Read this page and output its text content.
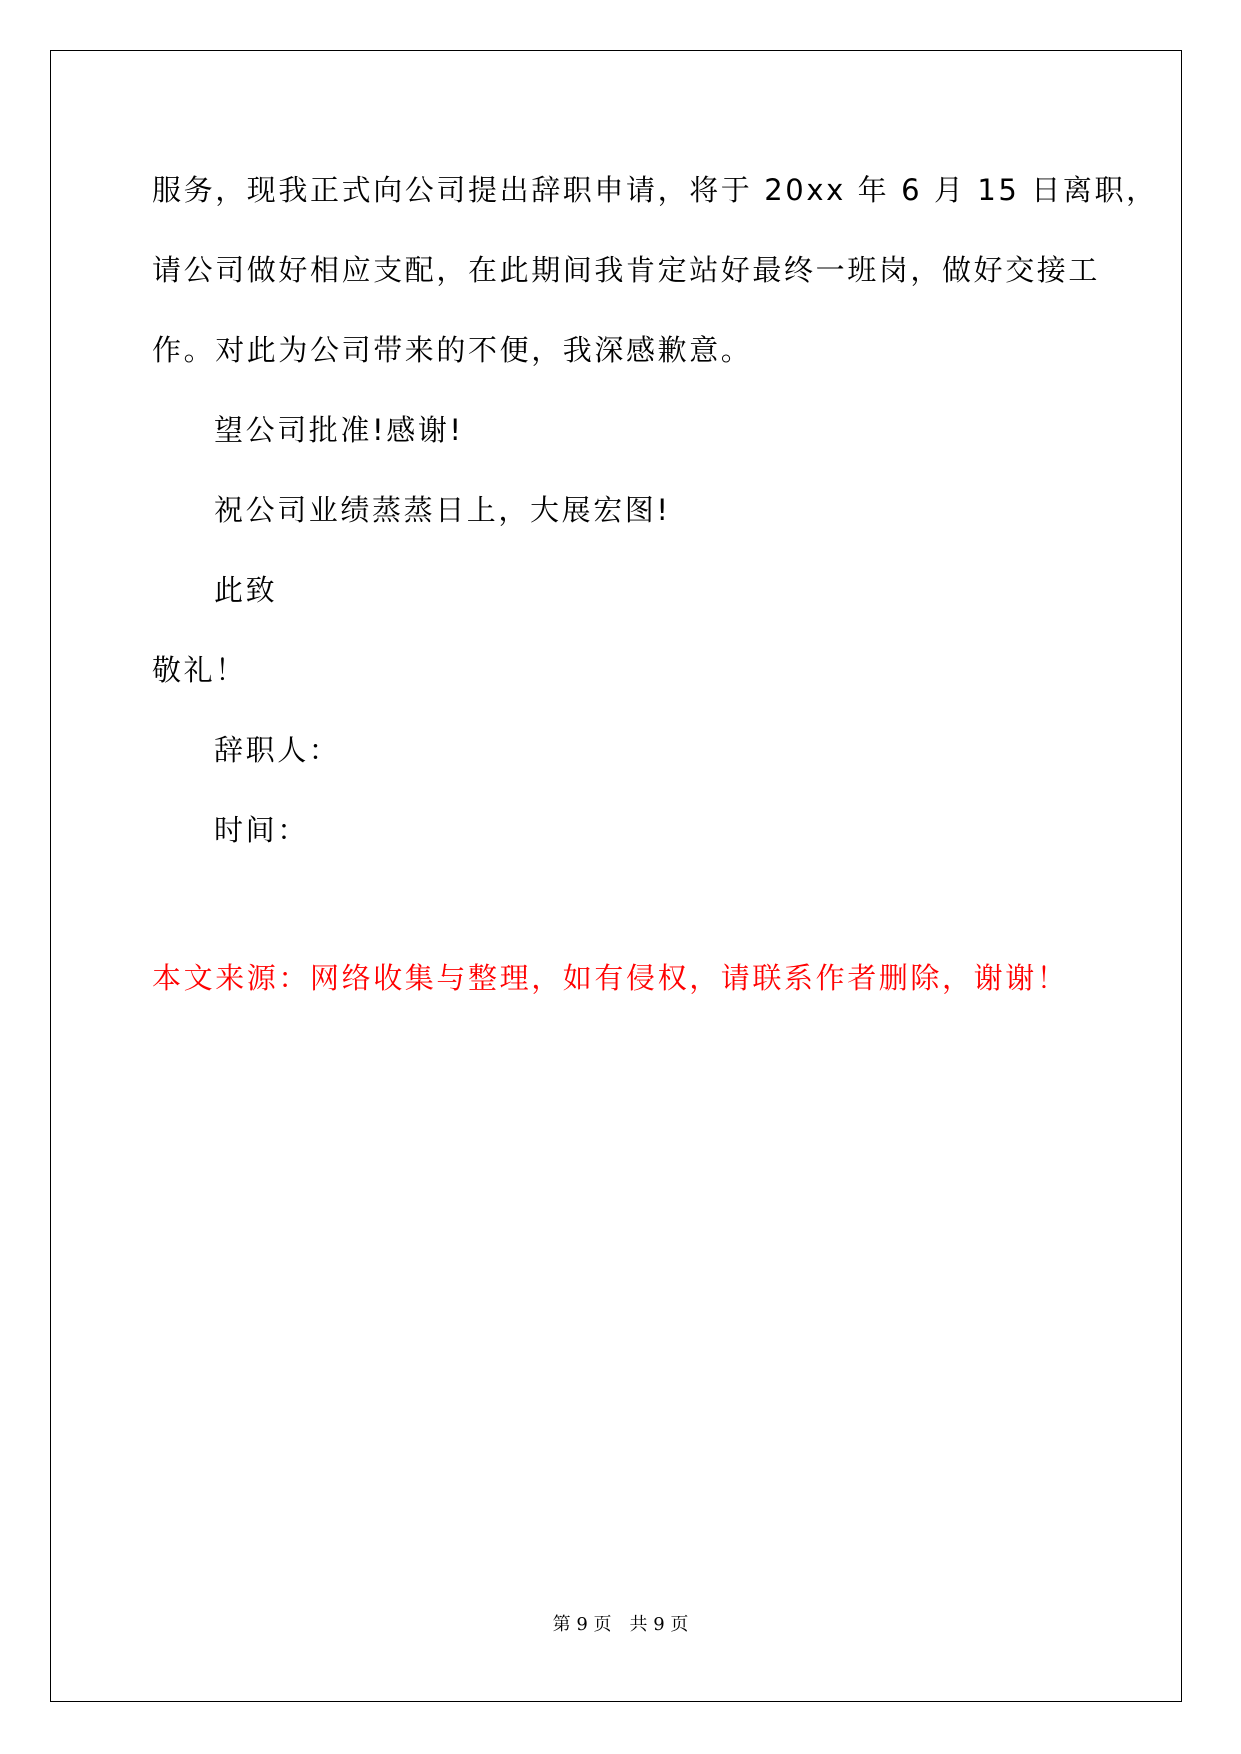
服务，现我正式向公司提出辞职申请，将于 20xx 年 6 月 15 日离职，
请公司做好相应支配，在此期间我肯定站好最终一班岗，做好交接工
作。对此为公司带来的不便，我深感歉意。
望公司批准!感谢!
祝公司业绩蒸蒸日上，大展宏图!
此致
敬礼！
辞职人：
时间：
本文来源：网络收集与整理，如有侵权，请联系作者删除，谢谢！
第 9 页 共 9 页
